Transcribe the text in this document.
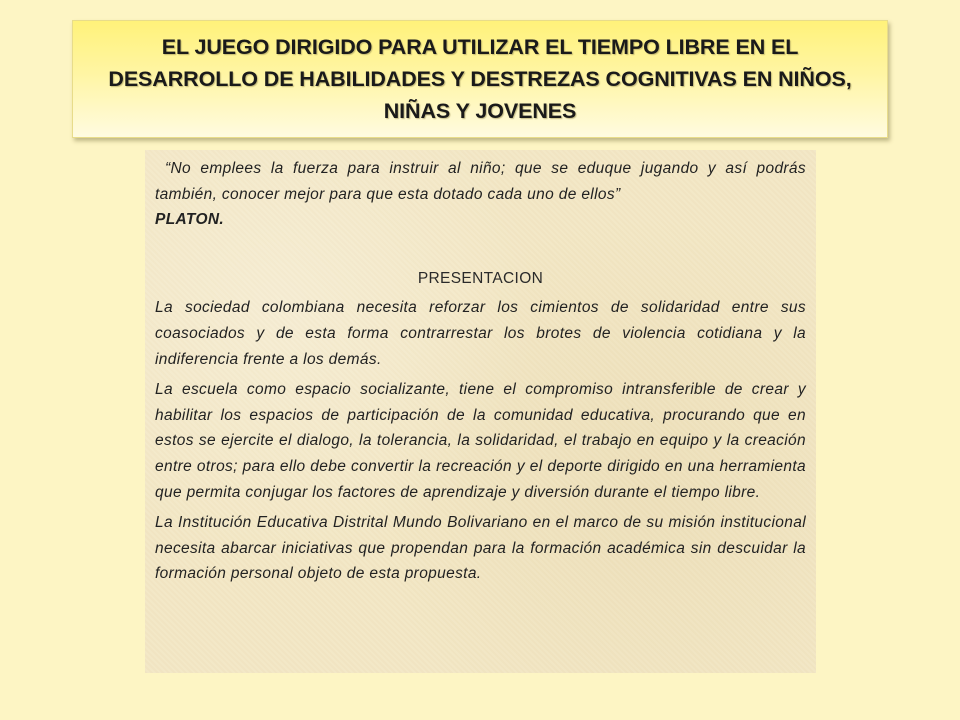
EL JUEGO DIRIGIDO PARA UTILIZAR EL TIEMPO LIBRE EN EL DESARROLLO DE HABILIDADES Y DESTREZAS COGNITIVAS EN NIÑOS, NIÑAS Y JOVENES

“No emplees la fuerza para instruir al niño; que se eduque jugando y así podrás también, conocer mejor para que esta dotado cada uno de ellos”

PLATON.

PRESENTACION

La sociedad colombiana necesita reforzar los cimientos de solidaridad entre sus coasociados y de esta forma contrarrestar los brotes de violencia cotidiana y la indiferencia frente a los demás.

La escuela como espacio socializante, tiene el compromiso intransferible de crear y habilitar los espacios de participación de la comunidad educativa, procurando que en estos se ejercite el dialogo, la tolerancia, la solidaridad, el trabajo en equipo y la creación entre otros; para ello debe convertir la recreación y el deporte dirigido en una herramienta que permita conjugar los factores de aprendizaje y diversión durante el tiempo libre.

La Institución Educativa Distrital Mundo Bolivariano en el marco de su misión institucional necesita abarcar iniciativas que propendan para la formación académica sin descuidar la formación personal objeto de esta propuesta.
